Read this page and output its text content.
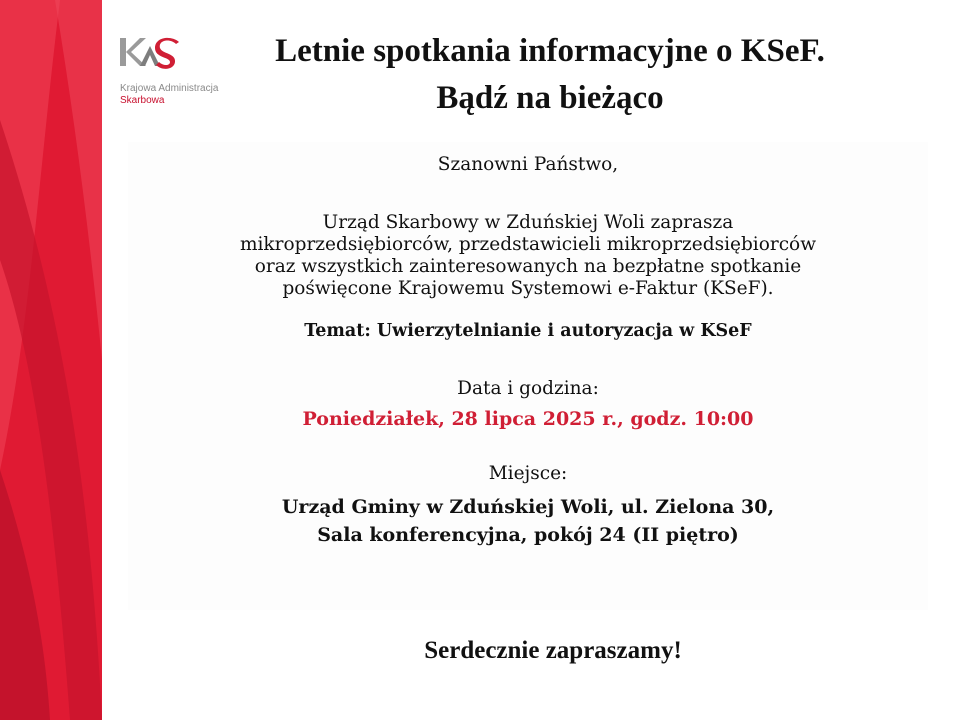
Krajowa Administracja
Skarbowa
Letnie spotkania informacyjne o KSeF.
Bądź na bieżąco
Szanowni Państwo,
Urząd Skarbowy w Zduńskiej Woli zaprasza
mikroprzedsiębiorców, przedstawicieli mikroprzedsiębiorców
oraz wszystkich zainteresowanych na bezpłatne spotkanie
poświęcone Krajowemu Systemowi e-Faktur (KSeF).
Temat: Uwierzytelnianie i autoryzacja w KSeF
Data i godzina:
Poniedziałek, 28 lipca 2025 r., godz. 10:00
Miejsce:
Urząd Gminy w Zduńskiej Woli, ul. Zielona 30,
Sala konferencyjna, pokój 24 (II piętro)
Serdecznie zapraszamy!
